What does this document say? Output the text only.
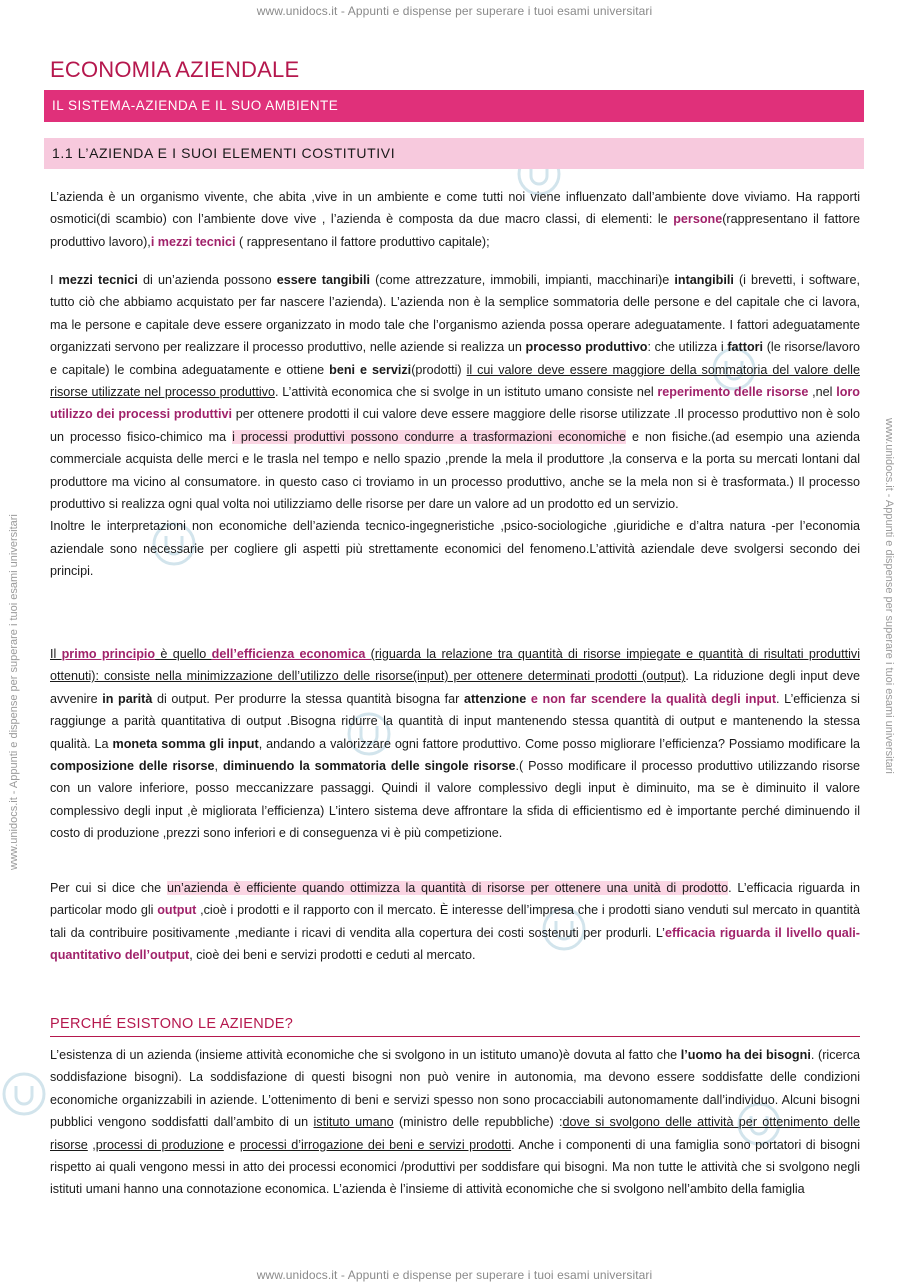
www.unidocs.it - Appunti e dispense per superare i tuoi esami universitari
www.unidocs.it - Appunti e dispense per superare i tuoi esami universitari
www.unidocs.it - Appunti e dispense per superare i tuoi esami universitari	www.unidocs.it - Appunti e dispense per superare i tuoi esami universitari
ECONOMIA AZIENDALE
IL SISTEMA-AZIENDA E IL SUO AMBIENTE
1.1 L’AZIENDA E I SUOI ELEMENTI COSTITUTIVI

L’azienda è un organismo vivente, che abita ,vive in un ambiente e come tutti noi viene influenzato dall’ambiente dove viviamo. Ha rapporti osmotici(di scambio) con l’ambiente dove vive , l’azienda è composta da due macro classi, di elementi: le persone(rappresentano il fattore produttivo lavoro),i mezzi tecnici ( rappresentano il fattore produttivo capitale);

I mezzi tecnici di un’azienda possono essere tangibili (come attrezzature, immobili, impianti, macchinari)e intangibili (i brevetti, i software, tutto ciò che abbiamo acquistato per far nascere l’azienda). L’azienda non è la semplice sommatoria delle persone e del capitale che ci lavora, ma le persone e capitale deve essere organizzato in modo tale che l’organismo azienda possa operare adeguatamente. I fattori adeguatamente organizzati servono per realizzare il processo produttivo, nelle aziende si realizza un processo produttivo: che utilizza i fattori (le risorse/lavoro e capitale) le combina adeguatamente e ottiene beni e servizi(prodotti) il cui valore deve essere maggiore della sommatoria del valore delle risorse utilizzate nel processo produttivo. L’attività economica che si svolge in un istituto umano consiste nel reperimento delle risorse ,nel loro utilizzo dei processi produttivi per ottenere prodotti il cui valore deve essere maggiore delle risorse utilizzate .Il processo produttivo non è solo un processo fisico-chimico ma i processi produttivi possono condurre a trasformazioni economiche e non fisiche.(ad esempio una azienda commerciale acquista delle merci e le trasla nel tempo e nello spazio ,prende la mela il produttore ,la conserva e la porta su mercati lontani dal produttore ma vicino al consumatore. in questo caso ci troviamo in un processo produttivo, anche se la mela non si è trasformata.) Il processo produttivo si realizza ogni qual volta noi utilizziamo delle risorse per dare un valore ad un prodotto ed un servizio.
Inoltre le interpretazioni non economiche dell’azienda tecnico-ingegneristiche ,psico-sociologiche ,giuridiche e d’altra natura -per l’economia aziendale sono necessarie per cogliere gli aspetti più strettamente economici del fenomeno.L’attività aziendale deve svolgersi secondo dei principi.

Il primo principio è quello dell’efficienza economica (riguarda la relazione tra quantità di risorse impiegate e quantità di risultati produttivi ottenuti): consiste nella minimizzazione dell’utilizzo delle risorse(input) per ottenere determinati prodotti (output). La riduzione degli input deve avvenire in parità di output. Per produrre la stessa quantità bisogna far attenzione e non far scendere la qualità degli input. L’efficienza si raggiunge a parità quantitativa di output .Bisogna ridurre la quantità di input mantenendo stessa quantità di output e mantenendo la stessa qualità. La moneta somma gli input, andando a valorizzare ogni fattore produttivo. Come posso migliorare l’efficienza? Possiamo modificare la composizione delle risorse, diminuendo la sommatoria delle singole risorse.( Posso modificare il processo produttivo utilizzando risorse con un valore inferiore, posso meccanizzare passaggi. Quindi il valore complessivo degli input è diminuito, ma se è diminuito il valore complessivo degli input ,è migliorata l’efficienza) L’intero sistema deve affrontare la sfida di efficientismo ed è importante perché diminuendo il costo di produzione ,prezzi sono inferiori e di conseguenza vi è più competizione.

Per cui si dice che un’azienda è efficiente quando ottimizza la quantità di risorse per ottenere una unità di prodotto. L’efficacia riguarda in particolar modo gli output ,cioè i prodotti e il rapporto con il mercato. È interesse dell’impresa che i prodotti siano venduti sul mercato in quantità tali da contribuire positivamente ,mediante i ricavi di vendita alla copertura dei costi sostenuti per produrli. L’efficacia riguarda il livello quali-quantitativo dell’output, cioè dei beni e servizi prodotti e ceduti al mercato.

PERCHÉ ESISTONO LE AZIENDE?

L’esistenza di un azienda (insieme attività economiche che si svolgono in un istituto umano)è dovuta al fatto che l’uomo ha dei bisogni. (ricerca soddisfazione bisogni). La soddisfazione di questi bisogni non può venire in autonomia, ma devono essere soddisfatte delle condizioni economiche organizzabili in aziende. L’ottenimento di beni e servizi spesso non sono procacciabili autonomamente dall’individuo. Alcuni bisogni pubblici vengono soddisfatti dall’ambito di un istituto umano (ministro delle repubbliche) :dove si svolgono delle attività per ottenimento delle risorse ,processi di produzione e processi d’irrogazione dei beni e servizi prodotti. Anche i componenti di una famiglia sono portatori di bisogni rispetto ai quali vengono messi in atto dei processi economici /produttivi per soddisfare qui bisogni. Ma non tutte le attività che si svolgono negli istituti umani hanno una connotazione economica. L’azienda è l’insieme di attività economiche che si svolgono nell’ambito della famiglia
